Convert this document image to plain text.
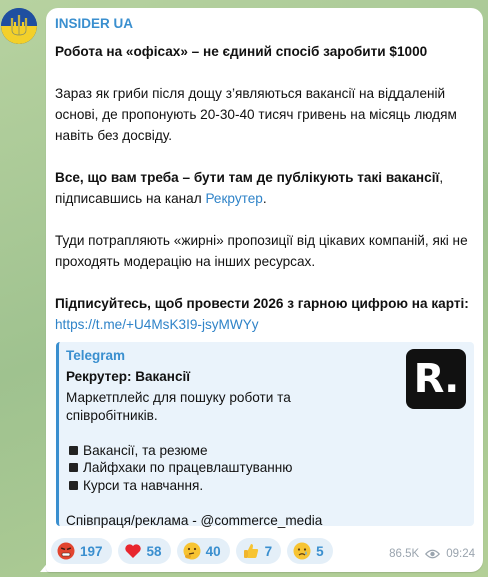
INSIDER UA

Робота на «офісах» – не єдиний спосіб заробити $1000

Зараз як гриби після дощу з’являються вакансії на віддаленій основі, де пропонують 20-30-40 тисяч гривень на місяць людям навіть без досвіду.

Все, що вам треба – бути там де публікують такі вакансії, підписавшись на канал Рекрутер.

Туди потрапляють «жирні» пропозиції від цікавих компаній, які не проходять модерацію на інших ресурсах.

Підписуйтесь, щоб провести 2026 з гарною цифрою на карті:

https://t.me/+U4MsK3I9-jsyMWYy

Telegram
Рекрутер: Вакансії
Маркетплейс для пошуку роботи та співробітників.
Вакансії, та резюме
Лайфхаки по працевлаштуванню
Курси та навчання.
Співпраця/реклама - @commerce_media
R.
197	58	40	7	5	86.5K 09:24
